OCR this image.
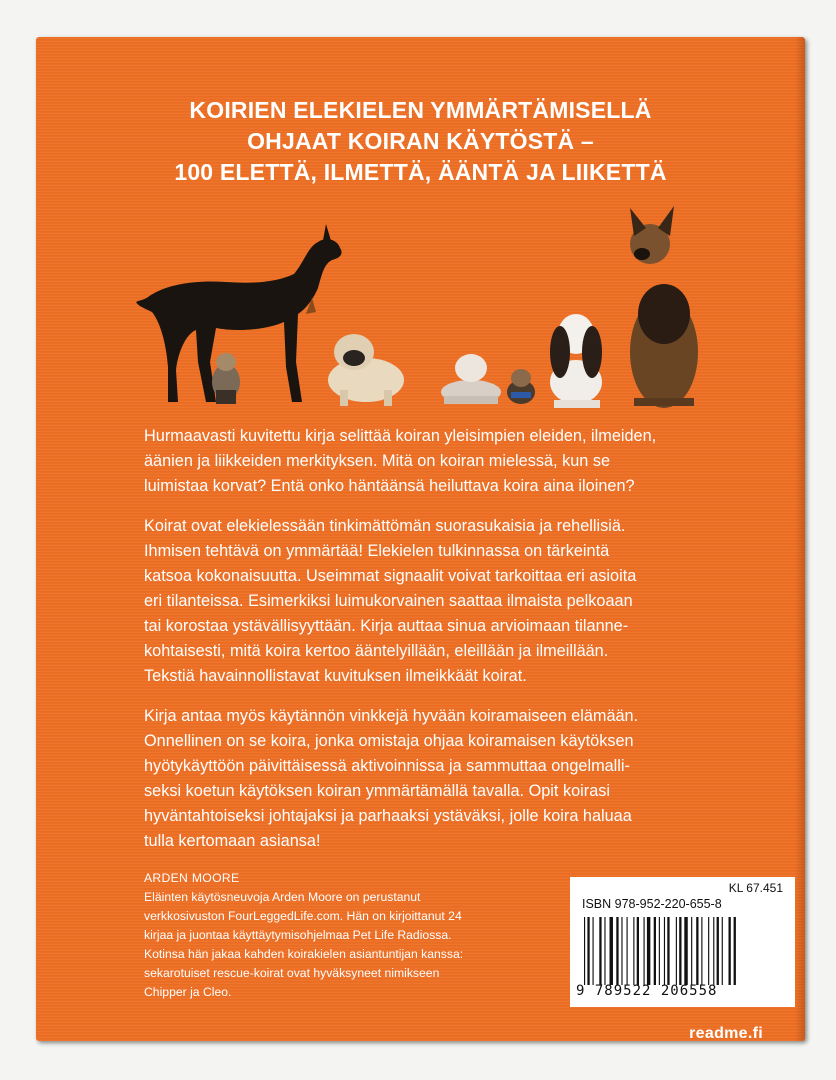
KOIRIEN ELEKIELEN YMMÄRTÄMISELLÄ
OHJAAT KOIRAN KÄYTÖSTÄ –
100 ELETTÄ, ILMETTÄ, ÄÄNTÄ JA LIIKETTÄ

Hurmaavasti kuvitettu kirja selittää koiran yleisimpien eleiden, ilmeiden,
äänien ja liikkeiden merkityksen. Mitä on koiran mielessä, kun se
luimistaa korvat? Entä onko häntäänsä heiluttava koira aina iloinen?

Koirat ovat elekielessään tinkimättömän suorasukaisia ja rehellisiä.
Ihmisen tehtävä on ymmärtää! Elekielen tulkinnassa on tärkeintä
katsoa kokonaisuutta. Useimmat signaalit voivat tarkoittaa eri asioita
eri tilanteissa. Esimerkiksi luimukorvainen saattaa ilmaista pelkoaan
tai korostaa ystävällisyyttään. Kirja auttaa sinua arvioimaan tilanne-
kohtaisesti, mitä koira kertoo ääntelyillään, eleillään ja ilmeillään.
Tekstiä havainnollistavat kuvituksen ilmeikkäät koirat.

Kirja antaa myös käytännön vinkkejä hyvään koiramaiseen elämään.
Onnellinen on se koira, jonka omistaja ohjaa koiramaisen käytöksen
hyötykäyttöön päivittäisessä aktivoinnissa ja sammuttaa ongelmalli-
seksi koetun käytöksen koiran ymmärtämällä tavalla. Opit koirasi
hyväntahtoiseksi johtajaksi ja parhaaksi ystäväksi, jolle koira haluaa
tulla kertomaan asiansa!

ARDEN MOORE
Eläinten käytösneuvoja Arden Moore on perustanut
verkkosivuston FourLeggedLife.com. Hän on kirjoittanut 24
kirjaa ja juontaa käyttäytymisohjelmaa Pet Life Radiossa.
Kotinsa hän jakaa kahden koirakielen asiantuntijan kanssa:
sekarotuiset rescue-koirat ovat hyväksyneet nimikseen
Chipper ja Cleo.
KL 67.451
ISBN 978-952-220-655-8
9 789522 206558
readme.fi
